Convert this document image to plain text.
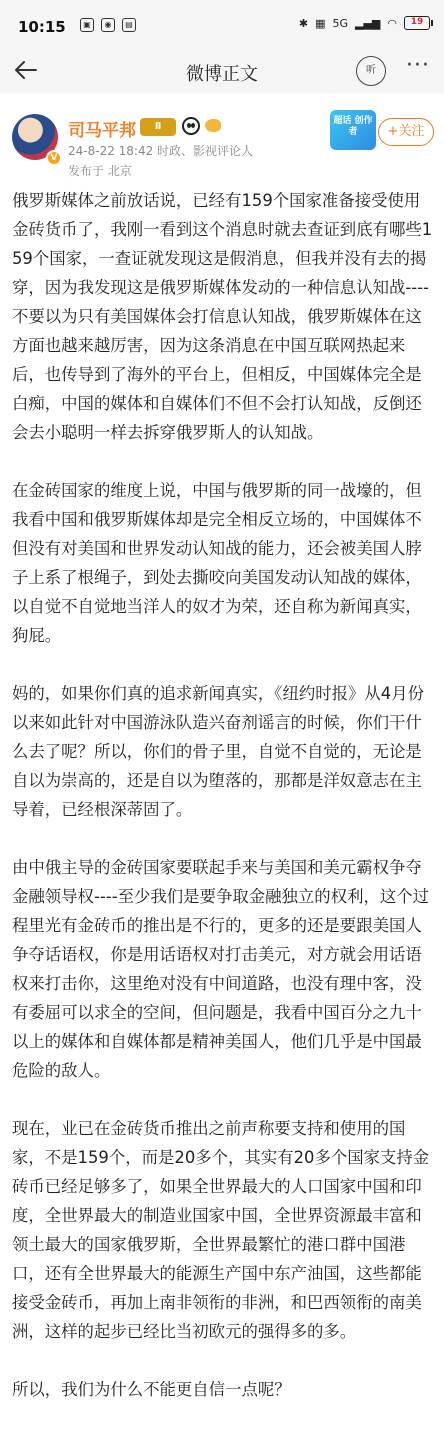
10:15	▣	◉	▤	✱ ▦ 5G ▂▄▆ ◠	19
微博正文	听	···
V
司马平邦	Ⅱ
24-8-22 18:42 时政、影视评论人
发布于 北京
超话 创作者	+关注

俄罗斯媒体之前放话说，已经有159个国家准备接受使用金砖货币了，我刚一看到这个消息时就去查证到底有哪些159个国家，一查证就发现这是假消息，但我并没有去的揭穿，因为我发现这是俄罗斯媒体发动的一种信息认知战----不要以为只有美国媒体会打信息认知战，俄罗斯媒体在这方面也越来越厉害，因为这条消息在中国互联网热起来后，也传导到了海外的平台上，但相反，中国媒体完全是白痴，中国的媒体和自媒体们不但不会打认知战，反倒还会去小聪明一样去拆穿俄罗斯人的认知战。

在金砖国家的维度上说，中国与俄罗斯的同一战壕的，但我看中国和俄罗斯媒体却是完全相反立场的，中国媒体不但没有对美国和世界发动认知战的能力，还会被美国人脖子上系了根绳子，到处去撕咬向美国发动认知战的媒体，以自觉不自觉地当洋人的奴才为荣，还自称为新闻真实，狗屁。

妈的，如果你们真的追求新闻真实，《纽约时报》从4月份以来如此针对中国游泳队造兴奋剂谣言的时候，你们干什么去了呢？所以，你们的骨子里，自觉不自觉的，无论是自以为崇高的，还是自以为堕落的，那都是洋奴意志在主导着，已经根深蒂固了。

由中俄主导的金砖国家要联起手来与美国和美元霸权争夺金融领导权----至少我们是要争取金融独立的权利，这个过程里光有金砖币的推出是不行的，更多的还是要跟美国人争夺话语权，你是用话语权对打击美元，对方就会用话语权来打击你，这里绝对没有中间道路，也没有理中客，没有委屈可以求全的空间，但问题是，我看中国百分之九十以上的媒体和自媒体都是精神美国人，他们几乎是中国最危险的敌人。

现在，业已在金砖货币推出之前声称要支持和使用的国家，不是159个，而是20多个，其实有20多个国家支持金砖币已经足够多了，如果全世界最大的人口国家中国和印度，全世界最大的制造业国家中国，全世界资源最丰富和领土最大的国家俄罗斯，全世界最繁忙的港口群中国港口，还有全世界最大的能源生产国中东产油国，这些都能接受金砖币，再加上南非领衔的非洲，和巴西领衔的南美洲，这样的起步已经比当初欧元的强得多的多。

所以，我们为什么不能更自信一点呢？
